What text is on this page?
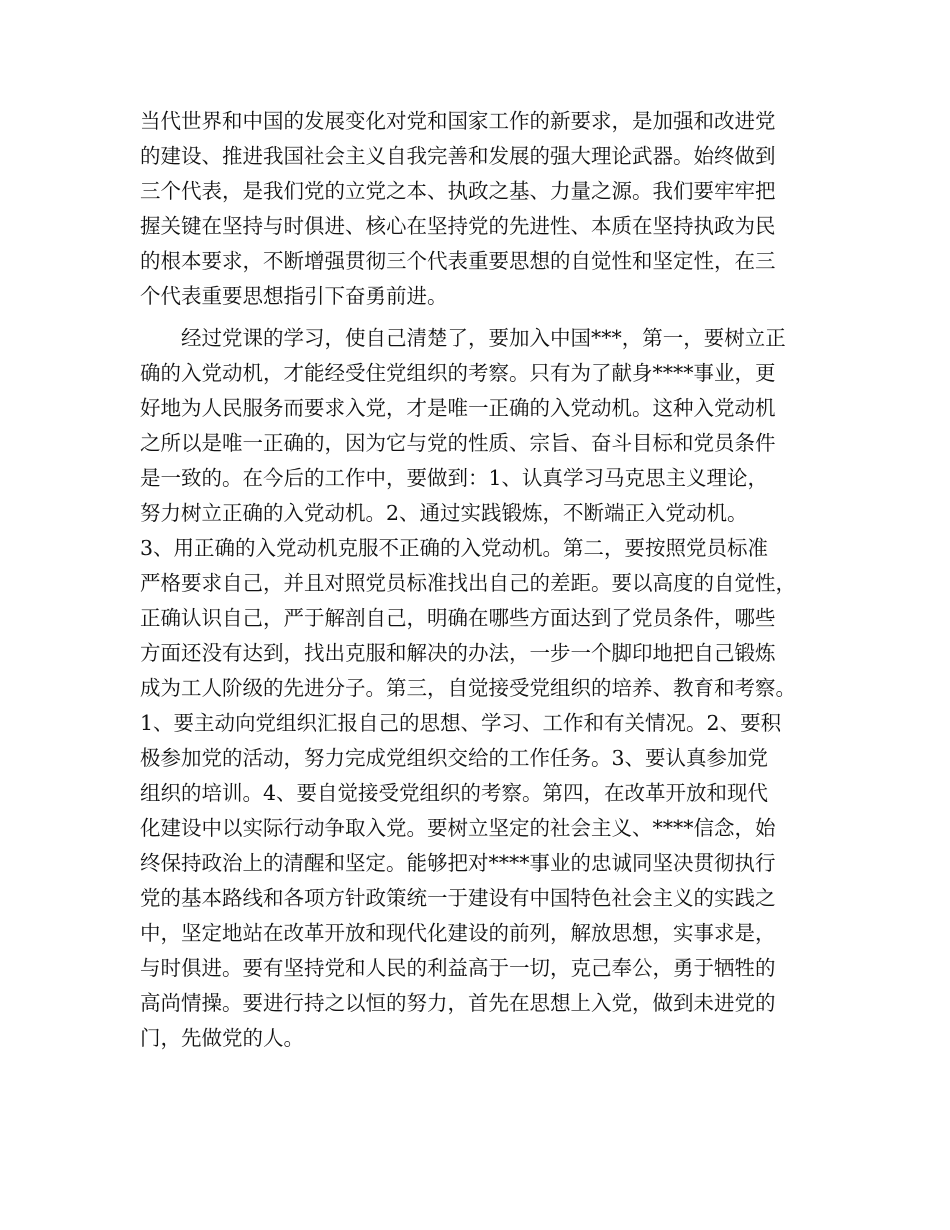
当代世界和中国的发展变化对党和国家工作的新要求，是加强和改进党
的建设、推进我国社会主义自我完善和发展的强大理论武器。始终做到
三个代表，是我们党的立党之本、执政之基、力量之源。我们要牢牢把
握关键在坚持与时俱进、核心在坚持党的先进性、本质在坚持执政为民
的根本要求，不断增强贯彻三个代表重要思想的自觉性和坚定性，在三
个代表重要思想指引下奋勇前进。
　　经过党课的学习，使自己清楚了，要加入中国***，第一，要树立正
确的入党动机，才能经受住党组织的考察。只有为了献身****事业，更
好地为人民服务而要求入党，才是唯一正确的入党动机。这种入党动机
之所以是唯一正确的，因为它与党的性质、宗旨、奋斗目标和党员条件
是一致的。在今后的工作中，要做到：1、认真学习马克思主义理论，
努力树立正确的入党动机。2、通过实践锻炼，不断端正入党动机。
3、用正确的入党动机克服不正确的入党动机。第二，要按照党员标准
严格要求自己，并且对照党员标准找出自己的差距。要以高度的自觉性，
正确认识自己，严于解剖自己，明确在哪些方面达到了党员条件，哪些
方面还没有达到，找出克服和解决的办法，一步一个脚印地把自己锻炼
成为工人阶级的先进分子。第三，自觉接受党组织的培养、教育和考察。
1、要主动向党组织汇报自己的思想、学习、工作和有关情况。2、要积
极参加党的活动，努力完成党组织交给的工作任务。3、要认真参加党
组织的培训。4、要自觉接受党组织的考察。第四，在改革开放和现代
化建设中以实际行动争取入党。要树立坚定的社会主义、****信念，始
终保持政治上的清醒和坚定。能够把对****事业的忠诚同坚决贯彻执行
党的基本路线和各项方针政策统一于建设有中国特色社会主义的实践之
中，坚定地站在改革开放和现代化建设的前列，解放思想，实事求是，
与时俱进。要有坚持党和人民的利益高于一切，克己奉公，勇于牺牲的
高尚情操。要进行持之以恒的努力，首先在思想上入党，做到未进党的
门，先做党的人。
